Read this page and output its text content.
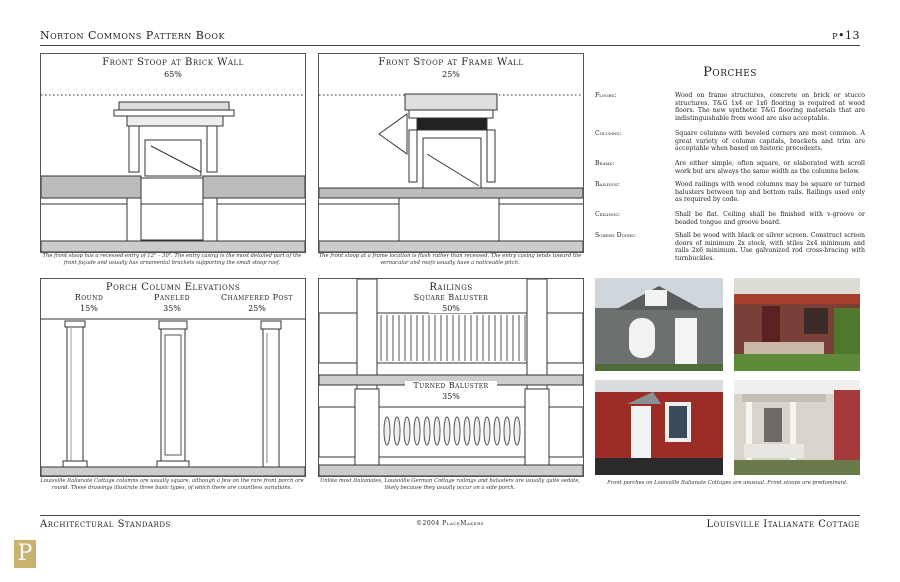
Norton Commons Pattern Book	p•13
Front Stoop at Brick Wall
65%
The front stoop has a recessed entry of 12" – 30". The entry casing is the most detailed part of the front façade and usually has ornamental brackets supporting the small stoop roof.
Front Stoop at Frame Wall
25%
The front stoop at a frame location is flush rather than recessed. The entry casing tends toward the vernacular and roofs usually have a noticeable pitch.
Porch Column Elevations
Round
15%
Paneled
35%
Chamfered Post
25%
Louisville Italianate Cottage columns are usually square, although a few on the rare front porch are round. These drawings illustrate three basic types, of which there are countless variations.
Railings
Square Baluster
50%
Turned Baluster
35%
Unlike most Italianates, Louisville German Cottage railings and balusters are usually quite sedate, likely because they usually occur on a side porch.
Porches
Floors:	Wood on frame structures, concrete on brick or stucco structures. T&G 1x4 or 1x6 flooring is required at wood floors. The new synthetic T&G flooring materials that are indistinguishable from wood are also acceptable.
Columns:	Square columns with beveled corners are most common. A great variety of column capitals, brackets and trim are acceptable when based on historic precedents.
Beams:	Are either simple, often square, or elaborated with scroll work but are always the same width as the columns below.
Railings:	Wood railings with wood columns may be square or turned balusters between top and bottom rails. Railings used only as required by code.
Ceilings:	Shall be flat. Ceiling shall be finished with v-groove or beaded tongue and groove board.
Screen Doors:	Shall be wood with black or silver screen. Construct screen doors of minimum 2x stock, with stiles 2x4 minimum and rails 2x6 minimum. Use galvanized rod cross-bracing with turnbuckles.
Front porches on Louisville Italianate Cottages are unusual. Front stoops are predominant.
Architectural Standards	©2004 PlaceMakers	Louisville Italianate Cottage
P
